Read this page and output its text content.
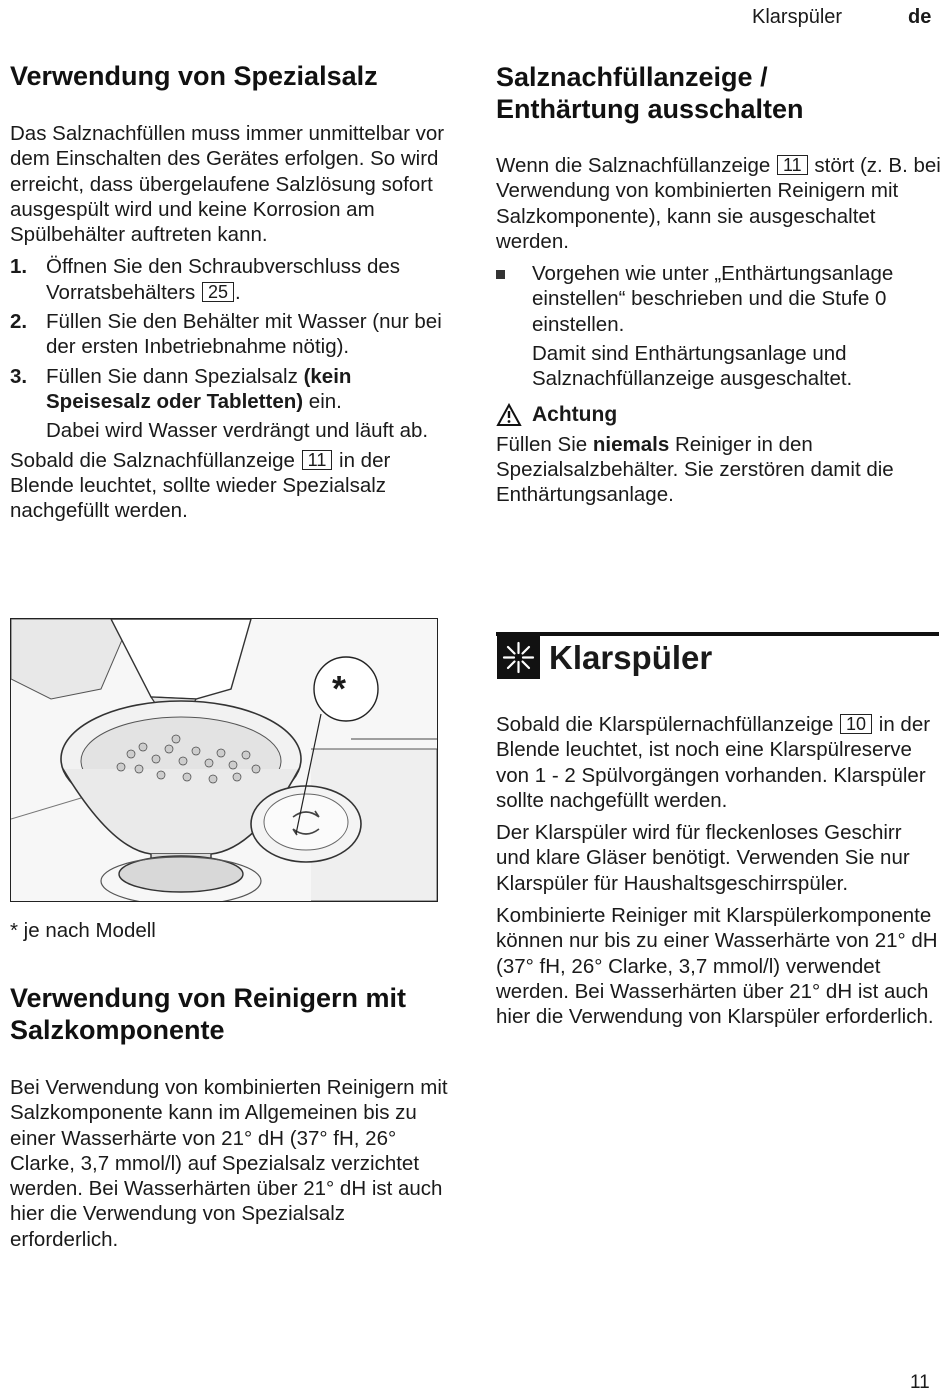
Klarspüler	de
Verwendung von Spezialsalz

Das Salznachfüllen muss immer unmittelbar vor dem Einschalten des Gerätes erfolgen. So wird erreicht, dass übergelaufene Salzlösung sofort ausgespült wird und keine Korrosion am Spülbehälter auftreten kann.

1. Öffnen Sie den Schraubverschluss des Vorratsbehälters 25 .
2. Füllen Sie den Behälter mit Wasser (nur bei der ersten Inbetriebnahme nötig).
3. Füllen Sie dann Spezialsalz (kein Speisesalz oder Tabletten) ein.
Dabei wird Wasser verdrängt und läuft ab.

Sobald die Salznachfüllanzeige 11 in der Blende leuchtet, sollte wieder Spezialsalz nachgefüllt werden.

*
* je nach Modell
Verwendung von Reinigern mit Salzkomponente

Bei Verwendung von kombinierten Reinigern mit Salzkomponente kann im Allgemeinen bis zu einer Wasserhärte von 21° dH (37° fH, 26° Clarke, 3,7 mmol/l) auf Spezialsalz verzichtet werden. Bei Wasserhärten über 21° dH ist auch hier die Verwendung von Spezialsalz erforderlich.

Salznachfüllanzeige / Enthärtung ausschalten

Wenn die Salznachfüllanzeige 11 stört (z. B. bei Verwendung von kombinierten Reinigern mit Salzkomponente), kann sie ausgeschaltet werden.

Vorgehen wie unter „Enthärtungsanlage einstellen“ beschrieben und die Stufe 0 einstellen.
Damit sind Enthärtungsanlage und Salznachfüllanzeige ausgeschaltet.
Achtung

Füllen Sie niemals Reiniger in den Spezialsalzbehälter. Sie zerstören damit die Enthärtungsanlage.

Klarspüler

Sobald die Klarspülernachfüllanzeige 10 in der Blende leuchtet, ist noch eine Klarspülreserve von 1 - 2 Spülvorgängen vorhanden. Klarspüler sollte nachgefüllt werden.

Der Klarspüler wird für fleckenloses Geschirr und klare Gläser benötigt. Verwenden Sie nur Klarspüler für Haushaltsgeschirrspüler.

Kombinierte Reiniger mit Klarspülerkomponente können nur bis zu einer Wasserhärte von 21° dH (37° fH, 26° Clarke, 3,7 mmol/l) verwendet werden. Bei Wasserhärten über 21° dH ist auch hier die Verwendung von Klarspüler erforderlich.

11
